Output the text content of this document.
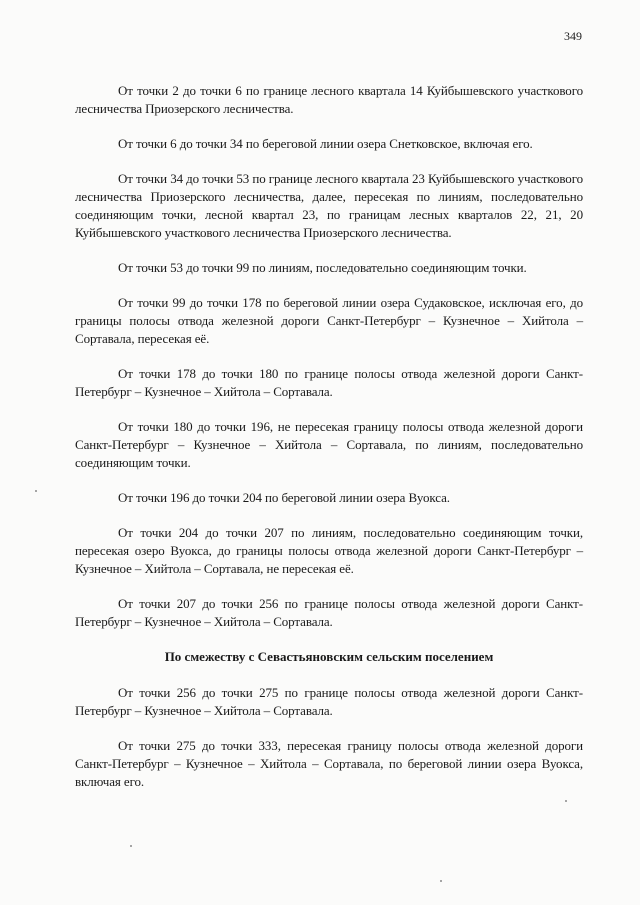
349

От точки 2 до точки 6 по границе лесного квартала 14 Куйбышевского участкового лесничества Приозерского лесничества.

От точки 6 до точки 34 по береговой линии озера Снетковское, включая его.

От точки 34 до точки 53 по границе лесного квартала 23 Куйбышевского участкового лесничества Приозерского лесничества, далее, пересекая по линиям, последовательно соединяющим точки, лесной квартал 23, по границам лесных кварталов 22, 21, 20 Куйбышевского участкового лесничества Приозерского лесничества.

От точки 53 до точки 99 по линиям, последовательно соединяющим точки.

От точки 99 до точки 178 по береговой линии озера Судаковское, исключая его, до границы полосы отвода железной дороги Санкт-Петербург – Кузнечное – Хийтола – Сортавала, пересекая её.

От точки 178 до точки 180 по границе полосы отвода железной дороги Санкт-Петербург – Кузнечное – Хийтола – Сортавала.

От точки 180 до точки 196, не пересекая границу полосы отвода железной дороги Санкт-Петербург – Кузнечное – Хийтола – Сортавала, по линиям, последовательно соединяющим точки.

От точки 196 до точки 204 по береговой линии озера Вуокса.

От точки 204 до точки 207 по линиям, последовательно соединяющим точки, пересекая озеро Вуокса, до границы полосы отвода железной дороги Санкт-Петербург – Кузнечное – Хийтола – Сортавала, не пересекая её.

От точки 207 до точки 256 по границе полосы отвода железной дороги Санкт-Петербург – Кузнечное – Хийтола – Сортавала.

По смежеству с Севастьяновским сельским поселением

От точки 256 до точки 275 по границе полосы отвода железной дороги Санкт-Петербург – Кузнечное – Хийтола – Сортавала.

От точки 275 до точки 333, пересекая границу полосы отвода железной дороги Санкт-Петербург – Кузнечное – Хийтола – Сортавала, по береговой линии озера Вуокса, включая его.
